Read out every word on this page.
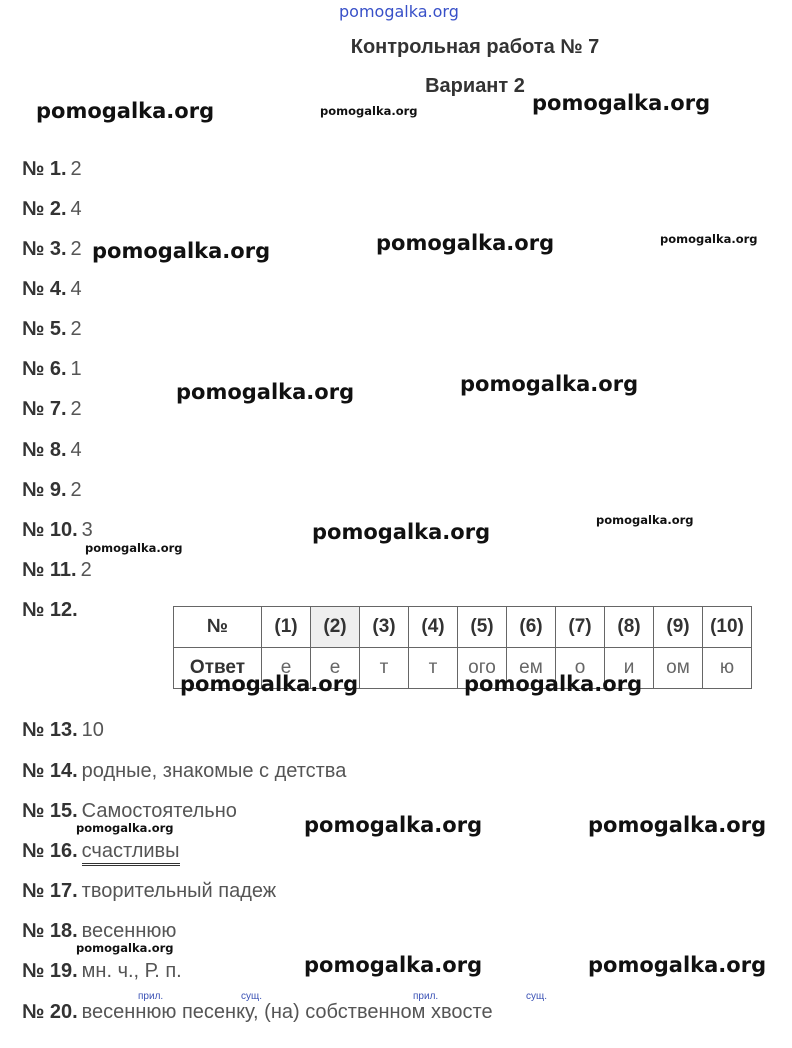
pomogalka.org
Контрольная работа № 7
Вариант 2
№ 1. 2
№ 2. 4
№ 3. 2
№ 4. 4
№ 5. 2
№ 6. 1
№ 7. 2
№ 8. 4
№ 9. 2
№ 10. 3
№ 11. 2
№ 12.
№	(1)	(2)	(3)	(4)	(5)	(6)	(7)	(8)	(9)	(10)
Ответ	е	е	т	т	ого	ем	о	и	ом	ю
№ 13. 10
№ 14. родные, знакомые с детства
№ 15. Самостоятельно
№ 16. счастливы
№ 17. творительный падеж
№ 18. весеннюю
№ 19. мн. ч., Р. п.
№ 20. весеннюю песенку, (на) собственном хвосте
прил.	сущ.	прил.	сущ.
pomogalka.org	pomogalka.org	pomogalka.org
pomogalka.org	pomogalka.org	pomogalka.org
pomogalka.org	pomogalka.org
pomogalka.org	pomogalka.org
pomogalka.org
pomogalka.org	pomogalka.org
pomogalka.org	pomogalka.org	pomogalka.org
pomogalka.org
pomogalka.org	pomogalka.org
